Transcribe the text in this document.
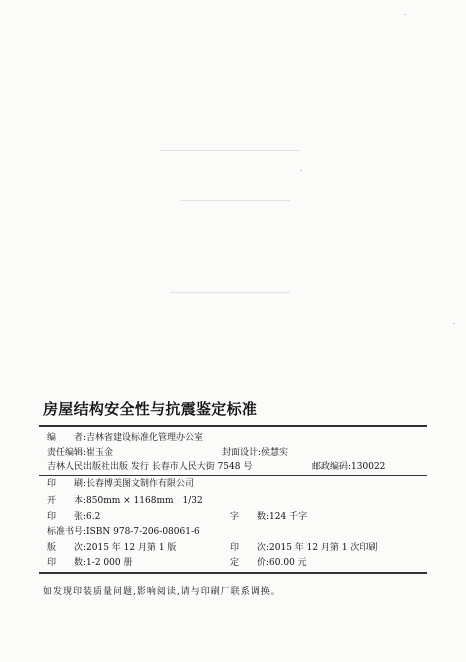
房屋结构安全性与抗震鉴定标准
编　　者:吉林省建设标准化管理办公室
责任编辑:崔玉金	封面设计:侯慧实
吉林人民出版社出版 发行 长春市人民大街 7548 号	邮政编码:130022
印　　刷:长春博美图文制作有限公司
开　　本:850mm × 1168mm　1/32
印　　张:6.2	字　　数:124 千字
标准书号:ISBN 978-7-206-08061-6
版　　次:2015 年 12 月第 1 版	印　　次:2015 年 12 月第 1 次印刷
印　　数:1-2 000 册	定　　价:60.00 元
如发现印装质量问题,影响阅读,请与印刷厂联系调换。
